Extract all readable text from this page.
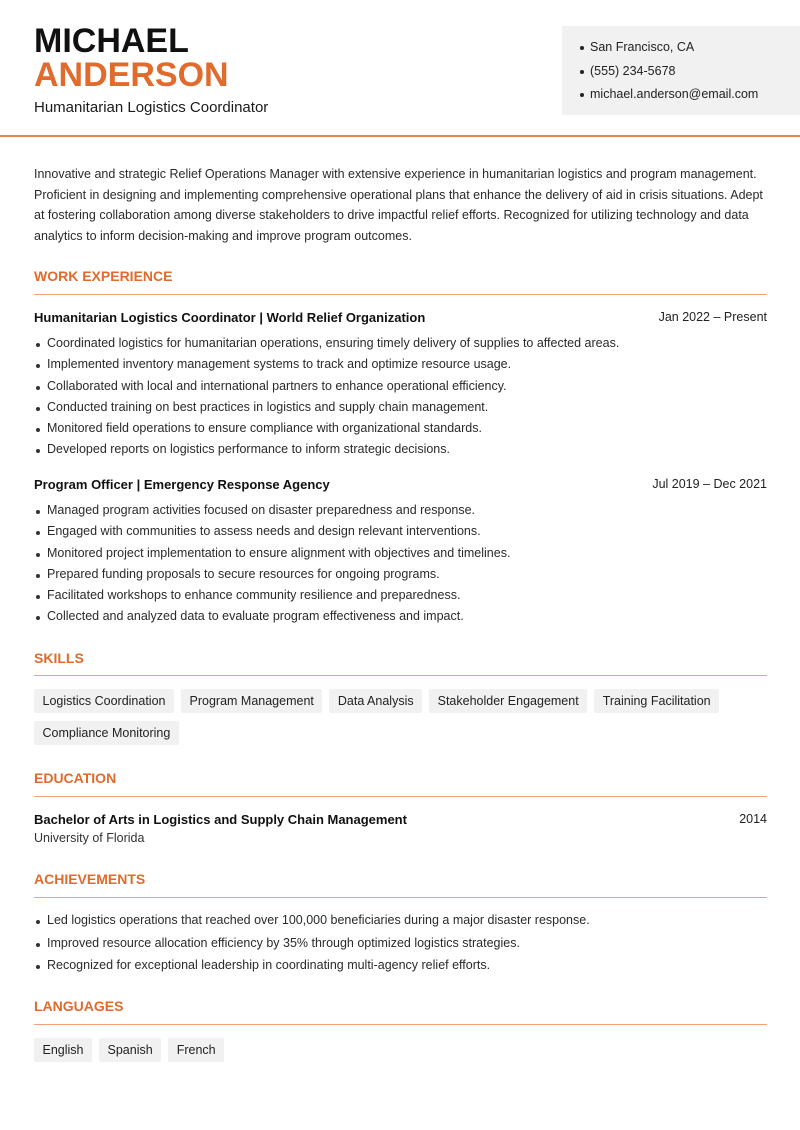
MICHAEL
ANDERSON
Humanitarian Logistics Coordinator
San Francisco, CA
(555) 234-5678
michael.anderson@email.com

Innovative and strategic Relief Operations Manager with extensive experience in humanitarian logistics and program management. Proficient in designing and implementing comprehensive operational plans that enhance the delivery of aid in crisis situations. Adept at fostering collaboration among diverse stakeholders to drive impactful relief efforts. Recognized for utilizing technology and data analytics to inform decision-making and improve program outcomes.

WORK EXPERIENCE
Humanitarian Logistics Coordinator | World Relief Organization	Jan 2022 – Present
Coordinated logistics for humanitarian operations, ensuring timely delivery of supplies to affected areas.
Implemented inventory management systems to track and optimize resource usage.
Collaborated with local and international partners to enhance operational efficiency.
Conducted training on best practices in logistics and supply chain management.
Monitored field operations to ensure compliance with organizational standards.
Developed reports on logistics performance to inform strategic decisions.
Program Officer | Emergency Response Agency	Jul 2019 – Dec 2021
Managed program activities focused on disaster preparedness and response.
Engaged with communities to assess needs and design relevant interventions.
Monitored project implementation to ensure alignment with objectives and timelines.
Prepared funding proposals to secure resources for ongoing programs.
Facilitated workshops to enhance community resilience and preparedness.
Collected and analyzed data to evaluate program effectiveness and impact.
SKILLS
Logistics Coordination	Program Management	Data Analysis	Stakeholder Engagement	Training Facilitation
Compliance Monitoring
EDUCATION
Bachelor of Arts in Logistics and Supply Chain Management	2014
University of Florida
ACHIEVEMENTS
Led logistics operations that reached over 100,000 beneficiaries during a major disaster response.
Improved resource allocation efficiency by 35% through optimized logistics strategies.
Recognized for exceptional leadership in coordinating multi-agency relief efforts.
LANGUAGES
English	Spanish	French
